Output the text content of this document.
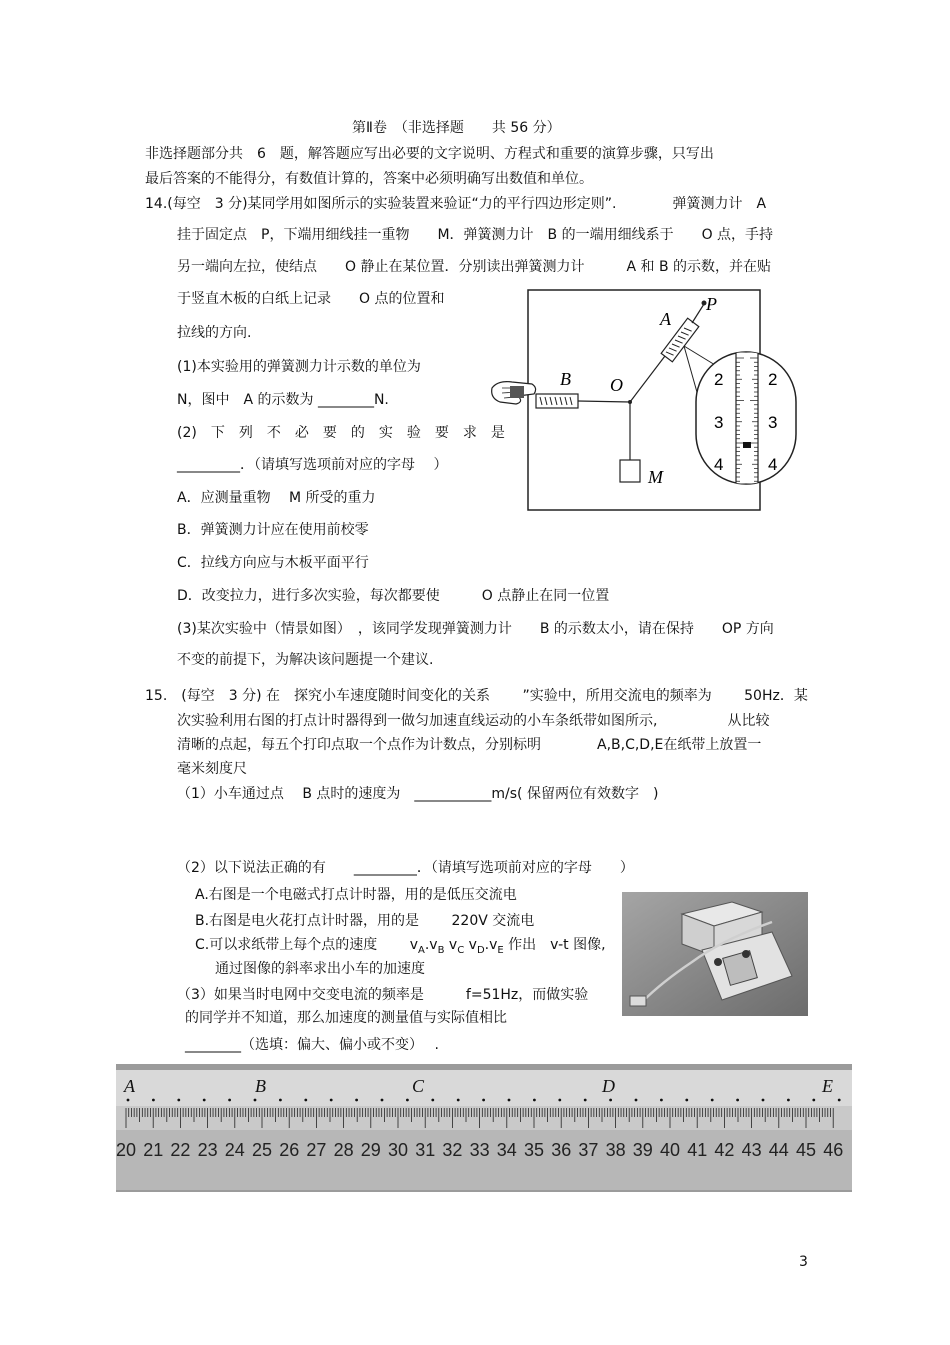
第Ⅱ卷　（非选择题　　共 56 分）
非选择题部分共　6　题，解答题应写出必要的文字说明、方程式和重要的演算步骤，只写出
最后答案的不能得分，有数值计算的，答案中必须明确写出数值和单位。
14.(每空　3 分)某同学用如图所示的实验装置来验证“力的平行四边形定则”.　　　　弹簧测力计　A
挂于固定点　P，下端用细线挂一重物　　M．弹簧测力计　B 的一端用细线系于　　O 点，手持
另一端向左拉，使结点　　O 静止在某位置．分别读出弹簧测力计　　　A 和 B 的示数，并在贴
于竖直木板的白纸上记录　　O 点的位置和
拉线的方向.
(1)本实验用的弹簧测力计示数的单位为
N，图中　A 的示数为 ________N.
(2)　下　列　不　必　要　的　实　验　要　求　是
_________．（请填写选项前对应的字母　 ）
A．应测量重物　 M 所受的重力
B．弹簧测力计应在使用前校零
C．拉线方向应与木板平面平行
D．改变拉力，进行多次实验，每次都要使　　　O 点静止在同一位置
(3)某次实验中（情景如图）　，该同学发现弹簧测力计　　B 的示数太小，请在保持　　OP 方向
不变的前提下，为解决该问题提一个建议.
B O
A
P
M
2
3
4
2
3
4
15.　(每空　3 分) 在　探究小车速度随时间变化的关系　　 ”实验中，所用交流电的频率为　　 50Hz．某
次实验利用右图的打点计时器得到一做匀加速直线运动的小车条纸带如图所示,　　　　　从比较
清晰的点起，每五个打印点取一个点作为计数点，分别标明　　　　A,B,C,D,E在纸带上放置一
毫米刻度尺
（1）小车通过点　 B 点时的速度为　___________m/s( 保留两位有效数字　)
（2）以下说法正确的有　　_________．（请填写选项前对应的字母　　）
A.右图是一个电磁式打点计时器，用的是低压交流电
B.右图是电火花打点计时器，用的是　　 220V 交流电
C.可以求纸带上每个点的速度　　 $v_A.v_B$ $v_C$ $v_D.v_E$ 作出　v-t 图像,
通过图像的斜率求出小车的加速度
（3）如果当时电网中交变电流的频率是　　　f=51Hz，而做实验
的同学并不知道，那么加速度的测量值与实际值相比
________（选填：偏大、偏小或不变）　 .
20 21 22 23 24 25 26 27 28 29 30 31 32 33 34 35 36 37 38 39 40 41 42 43 44 45 46
A	B	C	D	E
3
